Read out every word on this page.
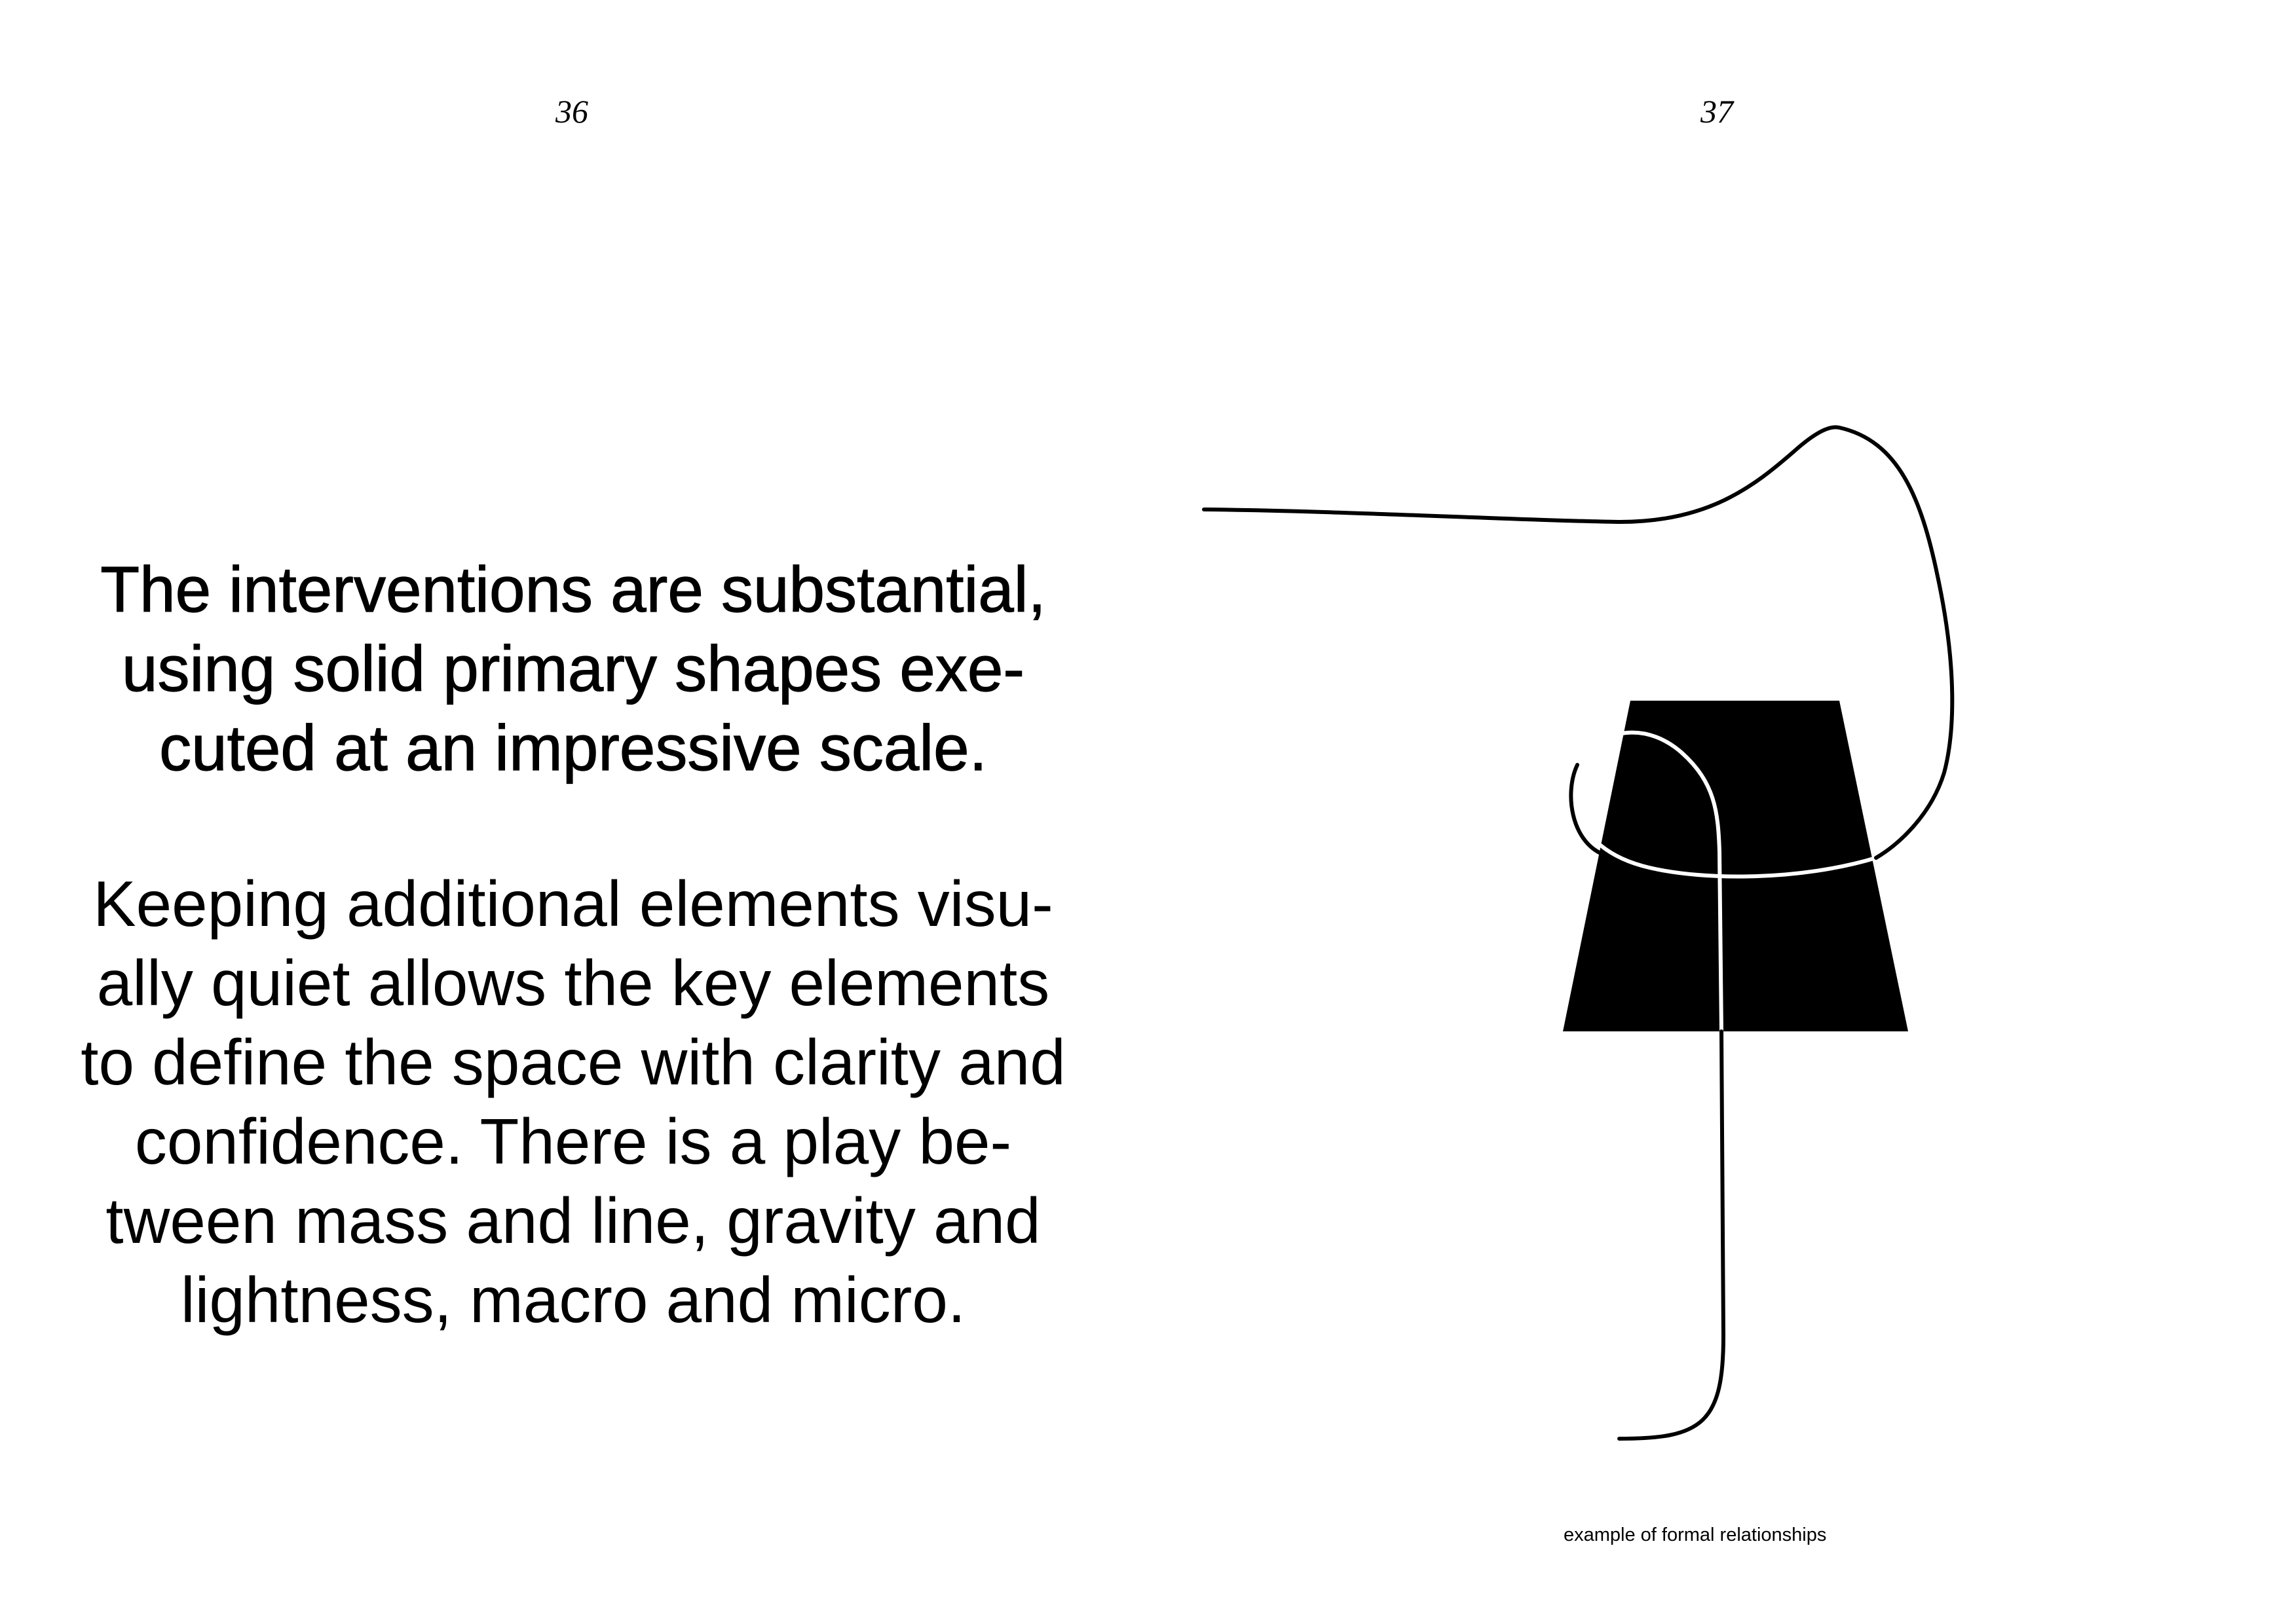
36
The interventions are substantial,
using solid primary shapes exe-
cuted at an impressive scale.
Keeping additional elements visu-
ally quiet allows the key elements
to define the space with clarity and
confidence. There is a play be-
tween mass and line, gravity and
lightness, macro and micro.
37
example of formal relationships
